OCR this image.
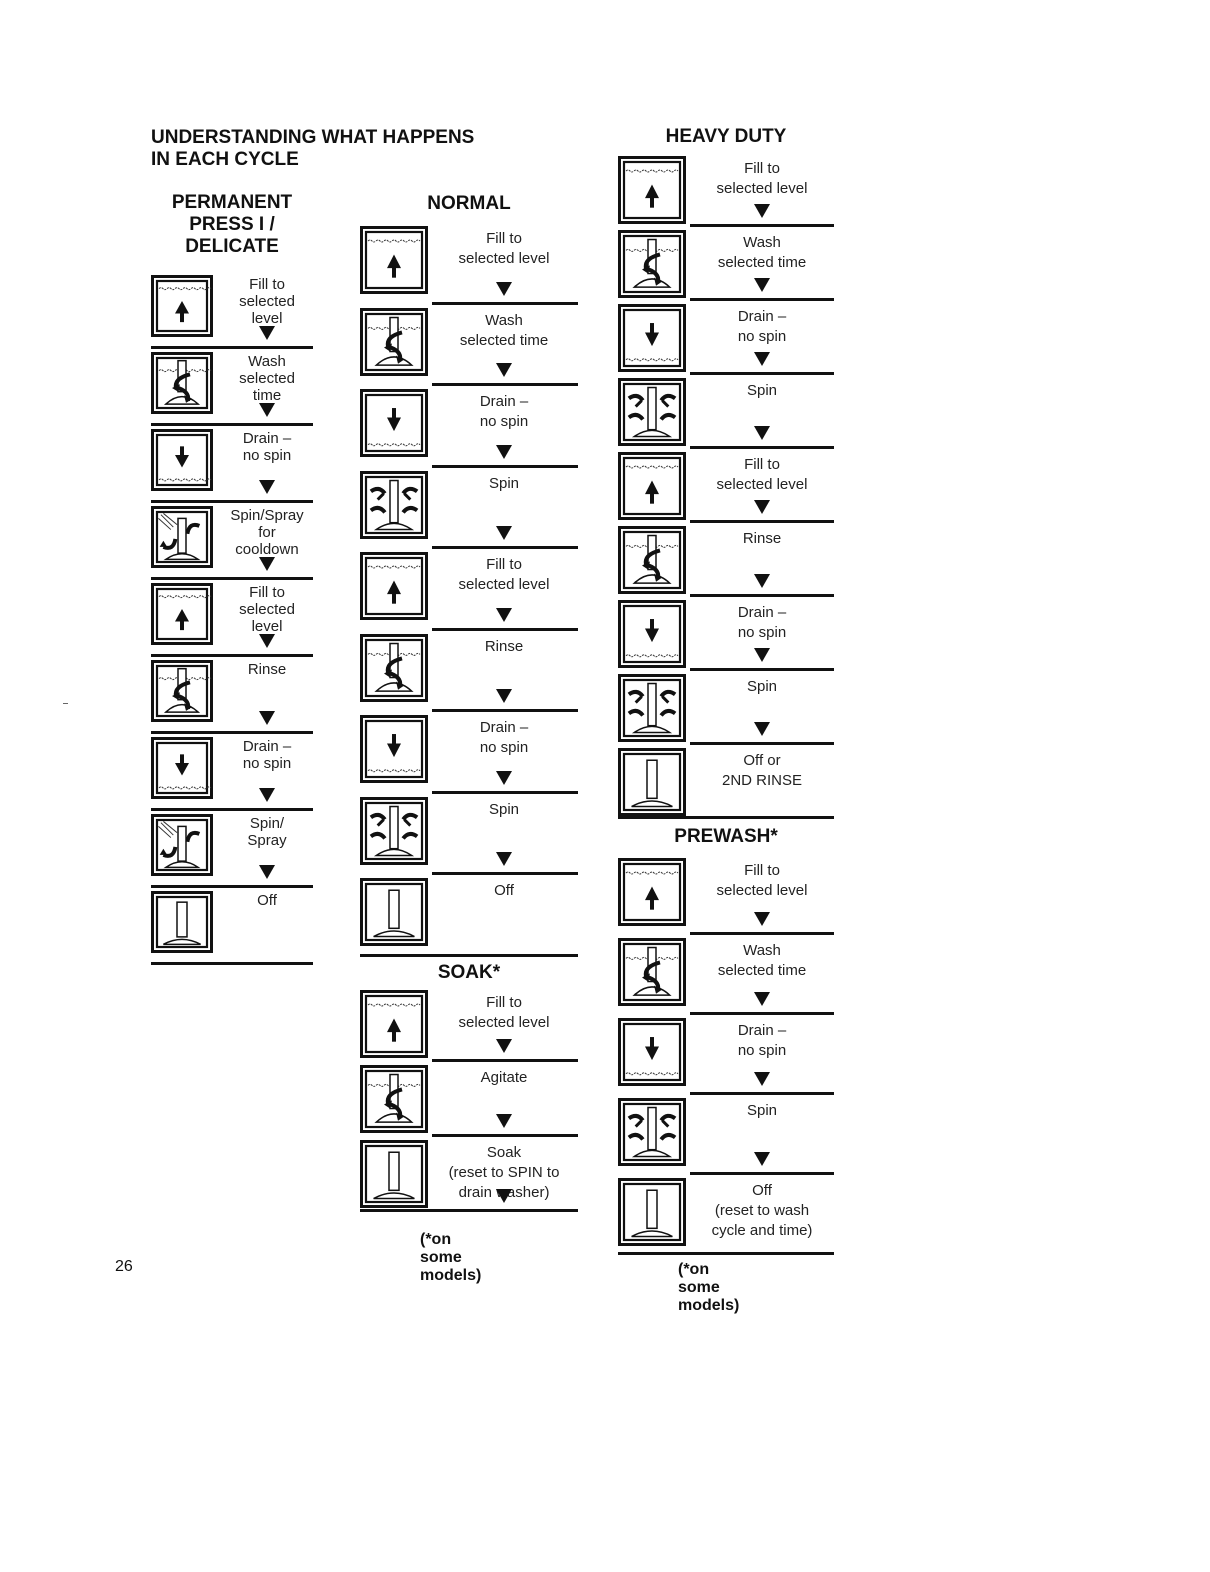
UNDERSTANDING WHAT HAPPENS
IN EACH CYCLE
PERMANENT
PRESS I /
DELICATE
Fill to
selected
level
Wash
selected
time
Drain –
no spin
Spin/Spray
for
cooldown
Fill to
selected
level
Rinse
Drain –
no spin
Spin/
Spray
Off
NORMAL
Fill to
selected level
Wash
selected time
Drain –
no spin
Spin
Fill to
selected level
Rinse
Drain –
no spin
Spin
Off
SOAK*
Fill to
selected level
Agitate
Soak
(reset to SPIN to
drain washer)
(*on some models)
HEAVY DUTY
Fill to
selected level
Wash
selected time
Drain –
no spin
Spin
Fill to
selected level
Rinse
Drain –
no spin
Spin
Off or
2ND RINSE
PREWASH*
Fill to
selected level
Wash
selected time
Drain –
no spin
Spin
Off
(reset to wash
cycle and time)
(*on some models)
26
